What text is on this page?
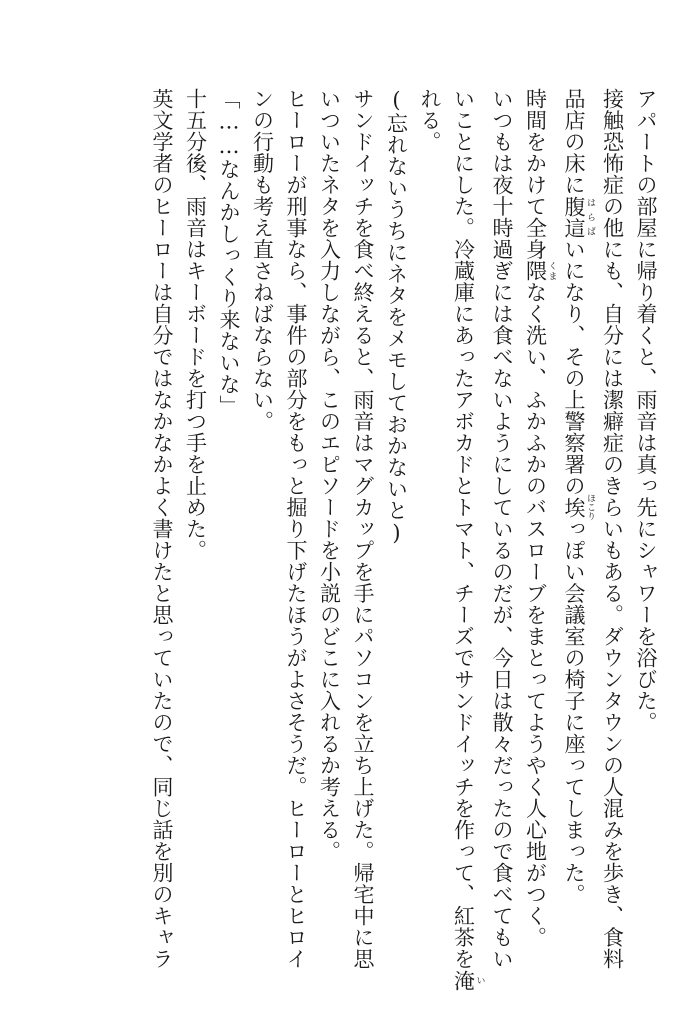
アパートの部屋に帰り着くと、雨音は真っ先にシャワーを浴びた。
接触恐怖症の他にも、自分には潔癖症のきらいもある。ダウンタウンの人混みを歩き、食料
品店の床に腹這 はらばいになり、その上警察署の埃 ほこりっぽい会議室の椅子に座ってしまった。
時間をかけて全身隈 くまなく洗い、ふかふかのバスローブをまとってようやく人心地がつく。
いつもは夜十時過ぎには食べないようにしているのだが、今日は散々だったので食べてもい
いことにした。冷蔵庫にあったアボカドとトマト、チーズでサンドイッチを作って、紅茶を淹 い
れる。
(忘れないうちにネタをメモしておかないと)
サンドイッチを食べ終えると、雨音はマグカップを手にパソコンを立ち上げた。帰宅中に思
いついたネタを入力しながら、このエピソードを小説のどこに入れるか考える。
ヒーローが刑事なら、事件の部分をもっと掘り下げたほうがよさそうだ。ヒーローとヒロイ
ンの行動も考え直さねばならない。
「……なんかしっくり来ないな」
十五分後、雨音はキーボードを打つ手を止めた。
英文学者のヒーローは自分ではなかなかよく書けたと思っていたので、同じ話を別のキャラ
